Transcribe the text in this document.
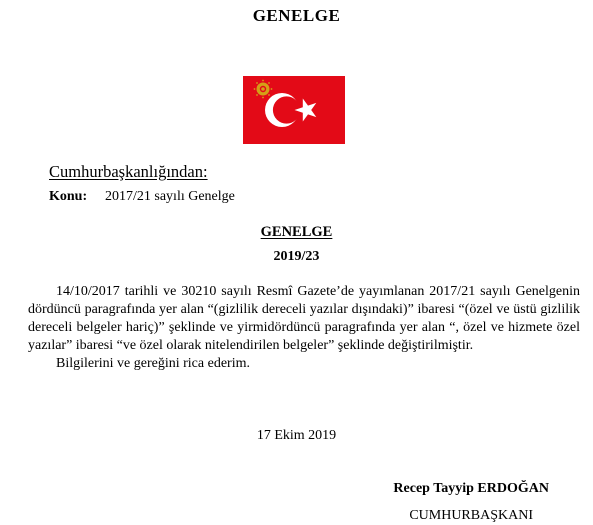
GENELGE
Cumhurbaşkanlığından:
Konu: 2017/21 sayılı Genelge
GENELGE
2019/23

14/10/2017 tarihli ve 30210 sayılı Resmî Gazete’de yayımlanan 2017/21 sayılı Genelgenin dördüncü paragrafında yer alan “(gizlilik dereceli yazılar dışındaki)” ibaresi “(özel ve üstü gizlilik dereceli belgeler hariç)” şeklinde ve yirmidördüncü paragrafında yer alan “, özel ve hizmete özel yazılar” ibaresi “ve özel olarak nitelendirilen belgeler” şeklinde değiştirilmiştir.

Bilgilerini ve gereğini rica ederim.

17 Ekim 2019
Recep Tayyip ERDOĞAN
CUMHURBAŞKANI
